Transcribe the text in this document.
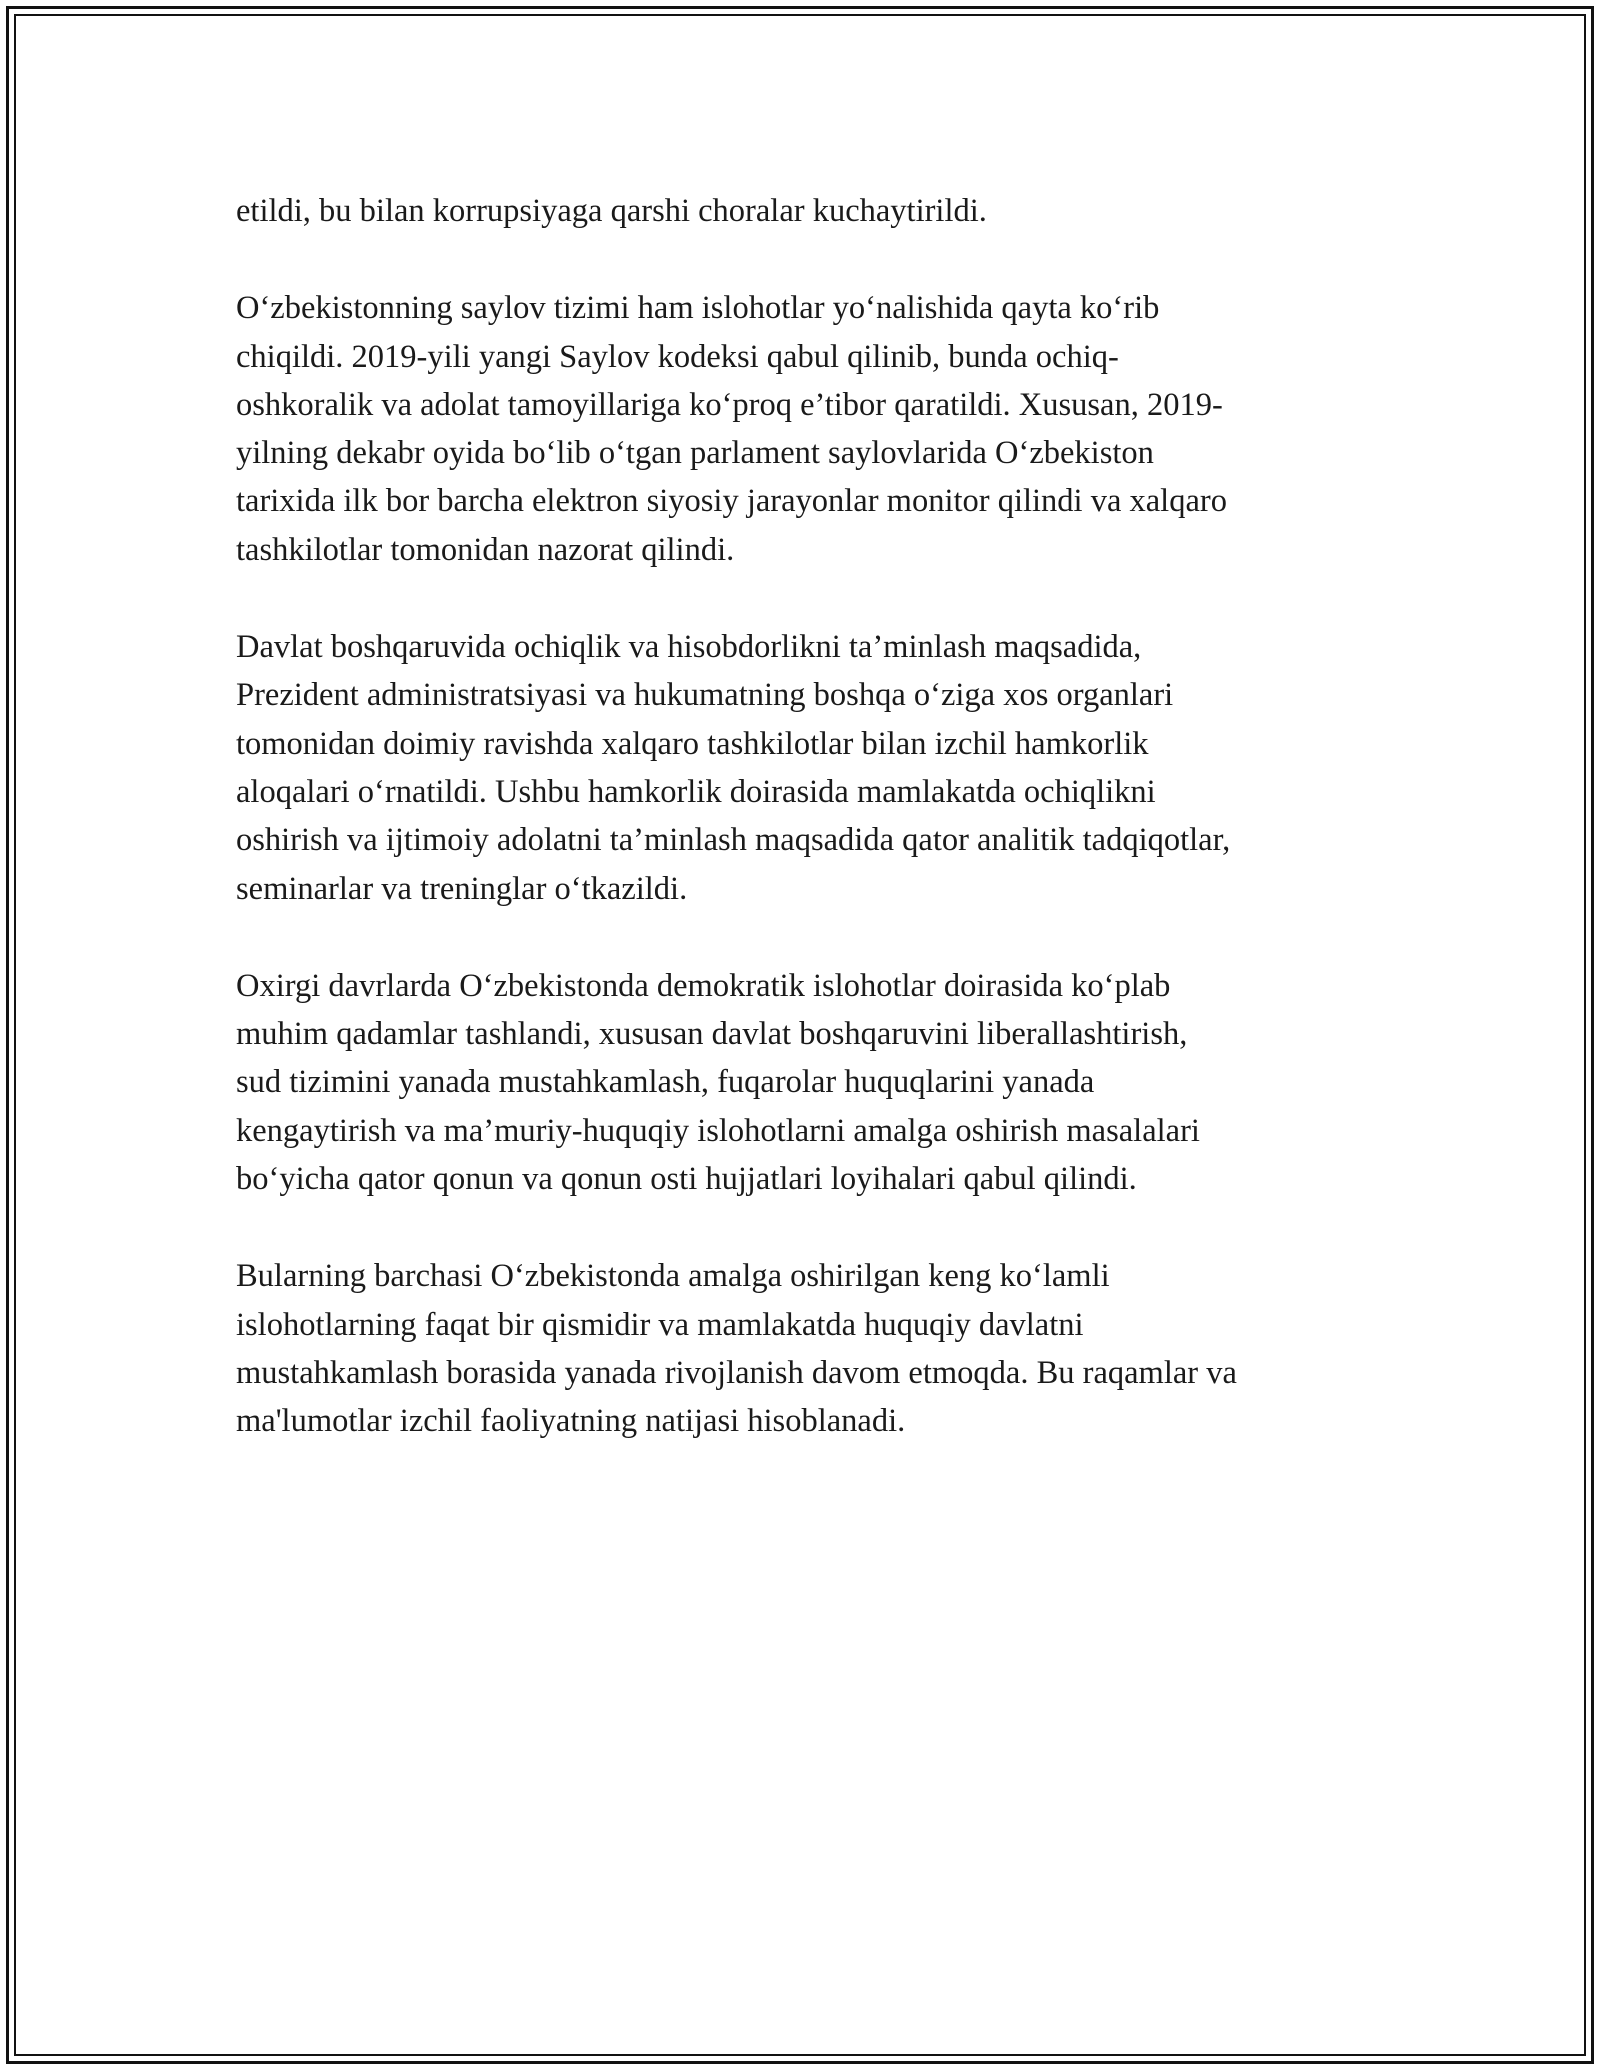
etildi, bu bilan korrupsiyaga qarshi choralar kuchaytirildi.

O‘zbekistonning saylov tizimi ham islohotlar yo‘nalishida qayta ko‘rib
chiqildi. 2019-yili yangi Saylov kodeksi qabul qilinib, bunda ochiq-
oshkoralik va adolat tamoyillariga ko‘proq e’tibor qaratildi. Xususan, 2019-
yilning dekabr oyida bo‘lib o‘tgan parlament saylovlarida O‘zbekiston
tarixida ilk bor barcha elektron siyosiy jarayonlar monitor qilindi va xalqaro
tashkilotlar tomonidan nazorat qilindi.

Davlat boshqaruvida ochiqlik va hisobdorlikni ta’minlash maqsadida,
Prezident administratsiyasi va hukumatning boshqa o‘ziga xos organlari
tomonidan doimiy ravishda xalqaro tashkilotlar bilan izchil hamkorlik
aloqalari o‘rnatildi. Ushbu hamkorlik doirasida mamlakatda ochiqlikni
oshirish va ijtimoiy adolatni ta’minlash maqsadida qator analitik tadqiqotlar,
seminarlar va treninglar o‘tkazildi.

Oxirgi davrlarda O‘zbekistonda demokratik islohotlar doirasida ko‘plab
muhim qadamlar tashlandi, xususan davlat boshqaruvini liberallashtirish,
sud tizimini yanada mustahkamlash, fuqarolar huquqlarini yanada
kengaytirish va ma’muriy-huquqiy islohotlarni amalga oshirish masalalari
bo‘yicha qator qonun va qonun osti hujjatlari loyihalari qabul qilindi.

Bularning barchasi O‘zbekistonda amalga oshirilgan keng ko‘lamli
islohotlarning faqat bir qismidir va mamlakatda huquqiy davlatni
mustahkamlash borasida yanada rivojlanish davom etmoqda. Bu raqamlar va
ma'lumotlar izchil faoliyatning natijasi hisoblanadi.
